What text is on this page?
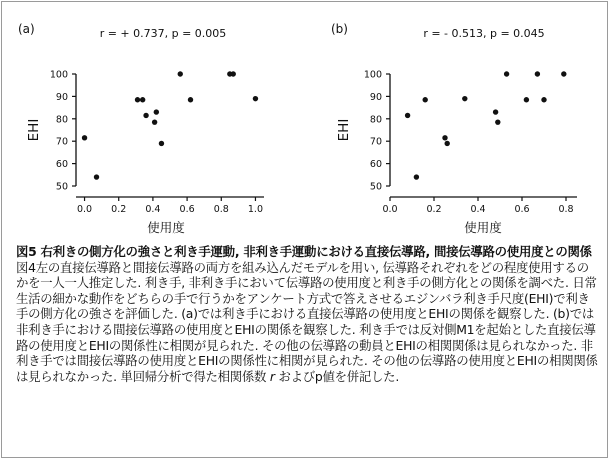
(a)	r = + 0.737, p = 0.005
50
60
70
80
90
100
0.0 0.2 0.4 0.6 0.8 1.0
EHI
使用度
(b)	r = - 0.513, p = 0.045
50
60
70
80
90
100
0.0	0.2	0.4	0.6	0.8
EHI
使用度

図5 右利きの側方化の強さと利き手運動, 非利き手運動における直接伝導路, 間接伝導路の使用度との関係 図4左の直接伝導路と間接伝導路の両方を組み込んだモデルを用い, 伝導路それぞれをどの程度使用するのかを一人一人推定した. 利き手, 非利き手において伝導路の使用度と利き手の側方化との関係を調べた. 日常生活の細かな動作をどちらの手で行うかをアンケート方式で答えさせるエジンバラ利き手尺度(EHI)で利き手の側方化の強さを評価した. (a)では利き手における直接伝導路の使用度とEHIの関係を観察した. (b)では非利き手における間接伝導路の使用度とEHIの関係を観察した. 利き手では反対側M1を起始とした直接伝導路の使用度とEHIの関係性に相関が見られた. その他の伝導路の動員とEHIの相関関係は見られなかった. 非利き手では間接伝導路の使用度とEHIの関係性に相関が見られた. その他の伝導路の使用度とEHIの相関関係は見られなかった. 単回帰分析で得た相関係数 r およびp値を併記した.
